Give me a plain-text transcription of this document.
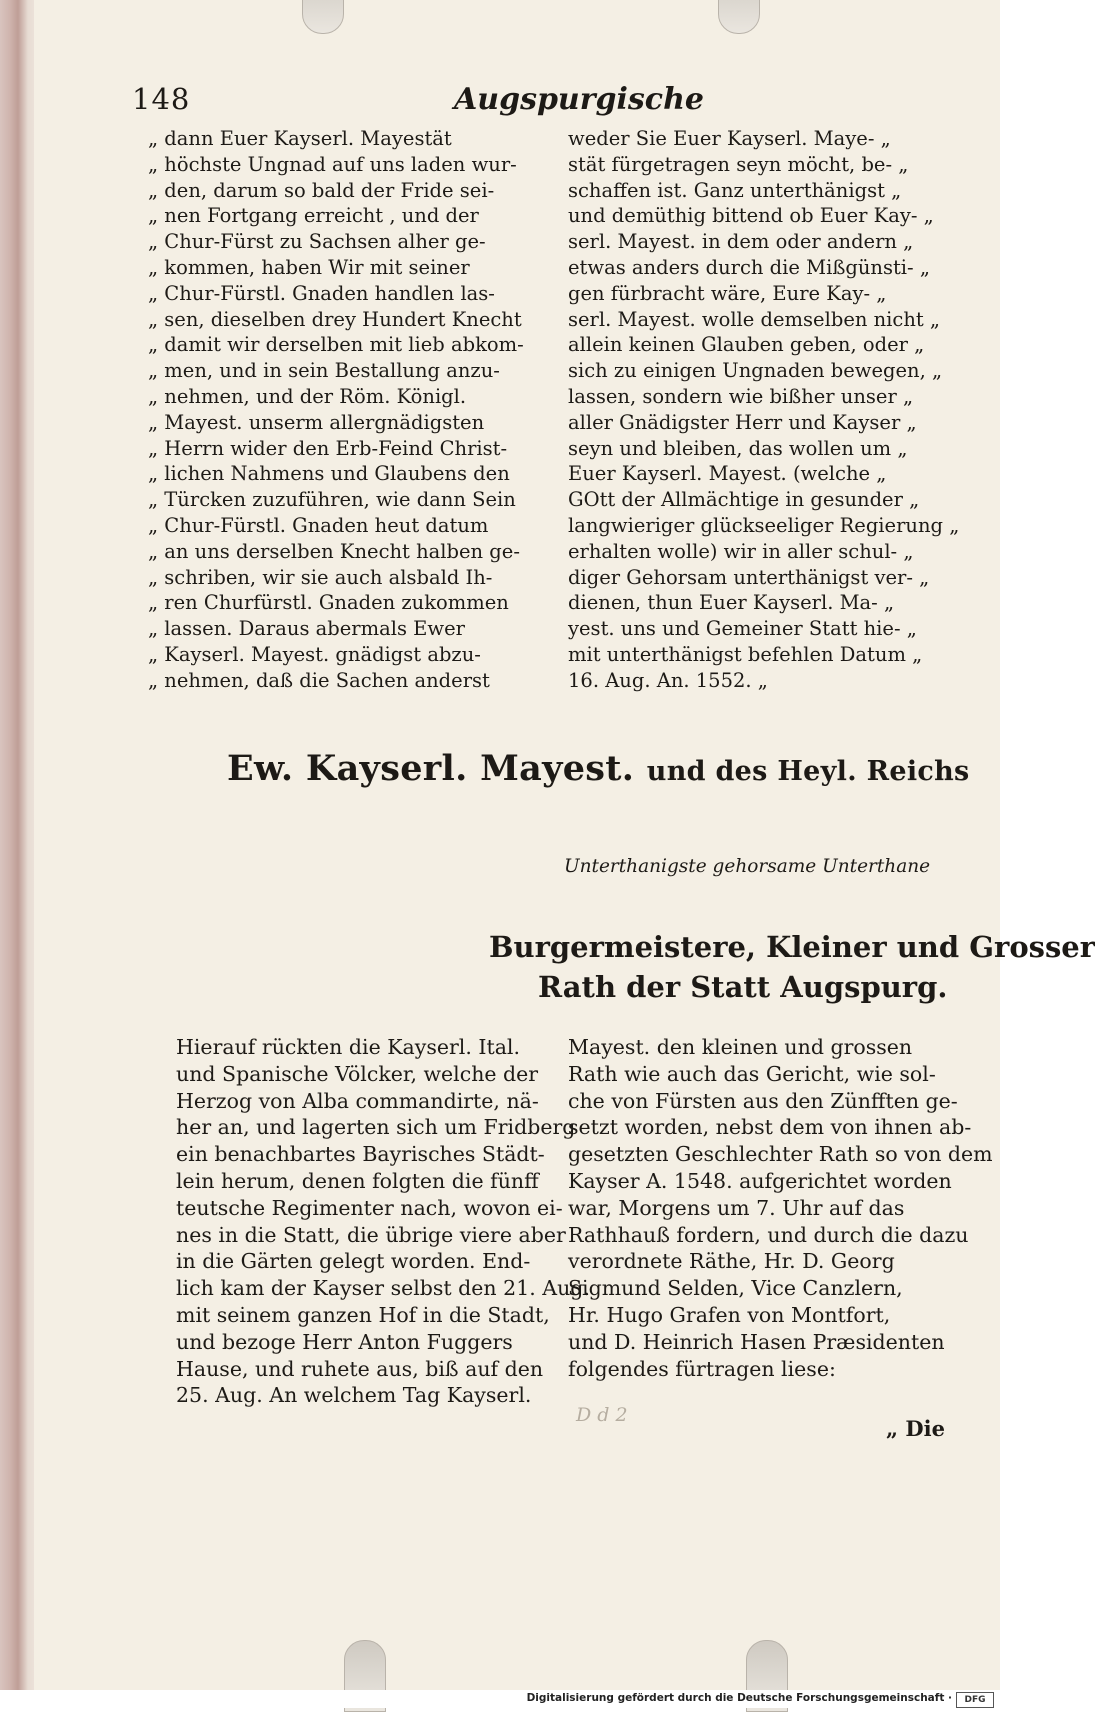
148	Augspurgische
„ dann Euer Kayserl. Mayestät
„ höchste Ungnad auf uns laden wur-
„ den, darum so bald der Fride sei-
„ nen Fortgang erreicht , und der
„ Chur-Fürst zu Sachsen alher ge-
„ kommen, haben Wir mit seiner
„ Chur-Fürstl. Gnaden handlen las-
„ sen, dieselben drey Hundert Knecht
„ damit wir derselben mit lieb abkom-
„ men, und in sein Bestallung anzu-
„ nehmen, und der Röm. Königl.
„ Mayest. unserm allergnädigsten
„ Herrn wider den Erb-Feind Christ-
„ lichen Nahmens und Glaubens den
„ Türcken zuzuführen, wie dann Sein
„ Chur-Fürstl. Gnaden heut datum
„ an uns derselben Knecht halben ge-
„ schriben, wir sie auch alsbald Ih-
„ ren Churfürstl. Gnaden zukommen
„ lassen. Daraus abermals Ewer
„ Kayserl. Mayest. gnädigst abzu-
„ nehmen, daß die Sachen anderst
weder Sie Euer Kayserl. Maye- „
stät fürgetragen seyn möcht, be- „
schaffen ist. Ganz unterthänigst „
und demüthig bittend ob Euer Kay- „
serl. Mayest. in dem oder andern „
etwas anders durch die Mißgünsti- „
gen fürbracht wäre, Eure Kay- „
serl. Mayest. wolle demselben nicht „
allein keinen Glauben geben, oder „
sich zu einigen Ungnaden bewegen, „
lassen, sondern wie bißher unser „
aller Gnädigster Herr und Kayser „
seyn und bleiben, das wollen um „
Euer Kayserl. Mayest. (welche „
GOtt der Allmächtige in gesunder „
langwieriger glückseeliger Regierung „
erhalten wolle) wir in aller schul- „
diger Gehorsam unterthänigst ver- „
dienen, thun Euer Kayserl. Ma- „
yest. uns und Gemeiner Statt hie- „
mit unterthänigst befehlen Datum „
16. Aug. An. 1552. „
Ew. Kayserl. Mayest. und des Heyl. Reichs
Unterthanigste gehorsame Unterthane
Burgermeistere, Kleiner und Grosser
Rath der Statt Augspurg.
Hierauf rückten die Kayserl. Ital.
und Spanische Völcker, welche der
Herzog von Alba commandirte, nä-
her an, und lagerten sich um Fridberg
ein benachbartes Bayrisches Städt-
lein herum, denen folgten die fünff
teutsche Regimenter nach, wovon ei-
nes in die Statt, die übrige viere aber
in die Gärten gelegt worden. End-
lich kam der Kayser selbst den 21. Aug.
mit seinem ganzen Hof in die Stadt,
und bezoge Herr Anton Fuggers
Hause, und ruhete aus, biß auf den
25. Aug. An welchem Tag Kayserl.
Mayest. den kleinen und grossen
Rath wie auch das Gericht, wie sol-
che von Fürsten aus den Zünfften ge-
setzt worden, nebst dem von ihnen ab-
gesetzten Geschlechter Rath so von dem
Kayser A. 1548. aufgerichtet worden
war, Morgens um 7. Uhr auf das
Rathhauß fordern, und durch die dazu
verordnete Räthe, Hr. D. Georg
Sigmund Selden, Vice Canzlern,
Hr. Hugo Grafen von Montfort,
und D. Heinrich Hasen Præsidenten
folgendes fürtragen liese:
D d 2
„ Die
Digitalisierung gefördert durch die Deutsche Forschungsgemeinschaft ·	DFG
